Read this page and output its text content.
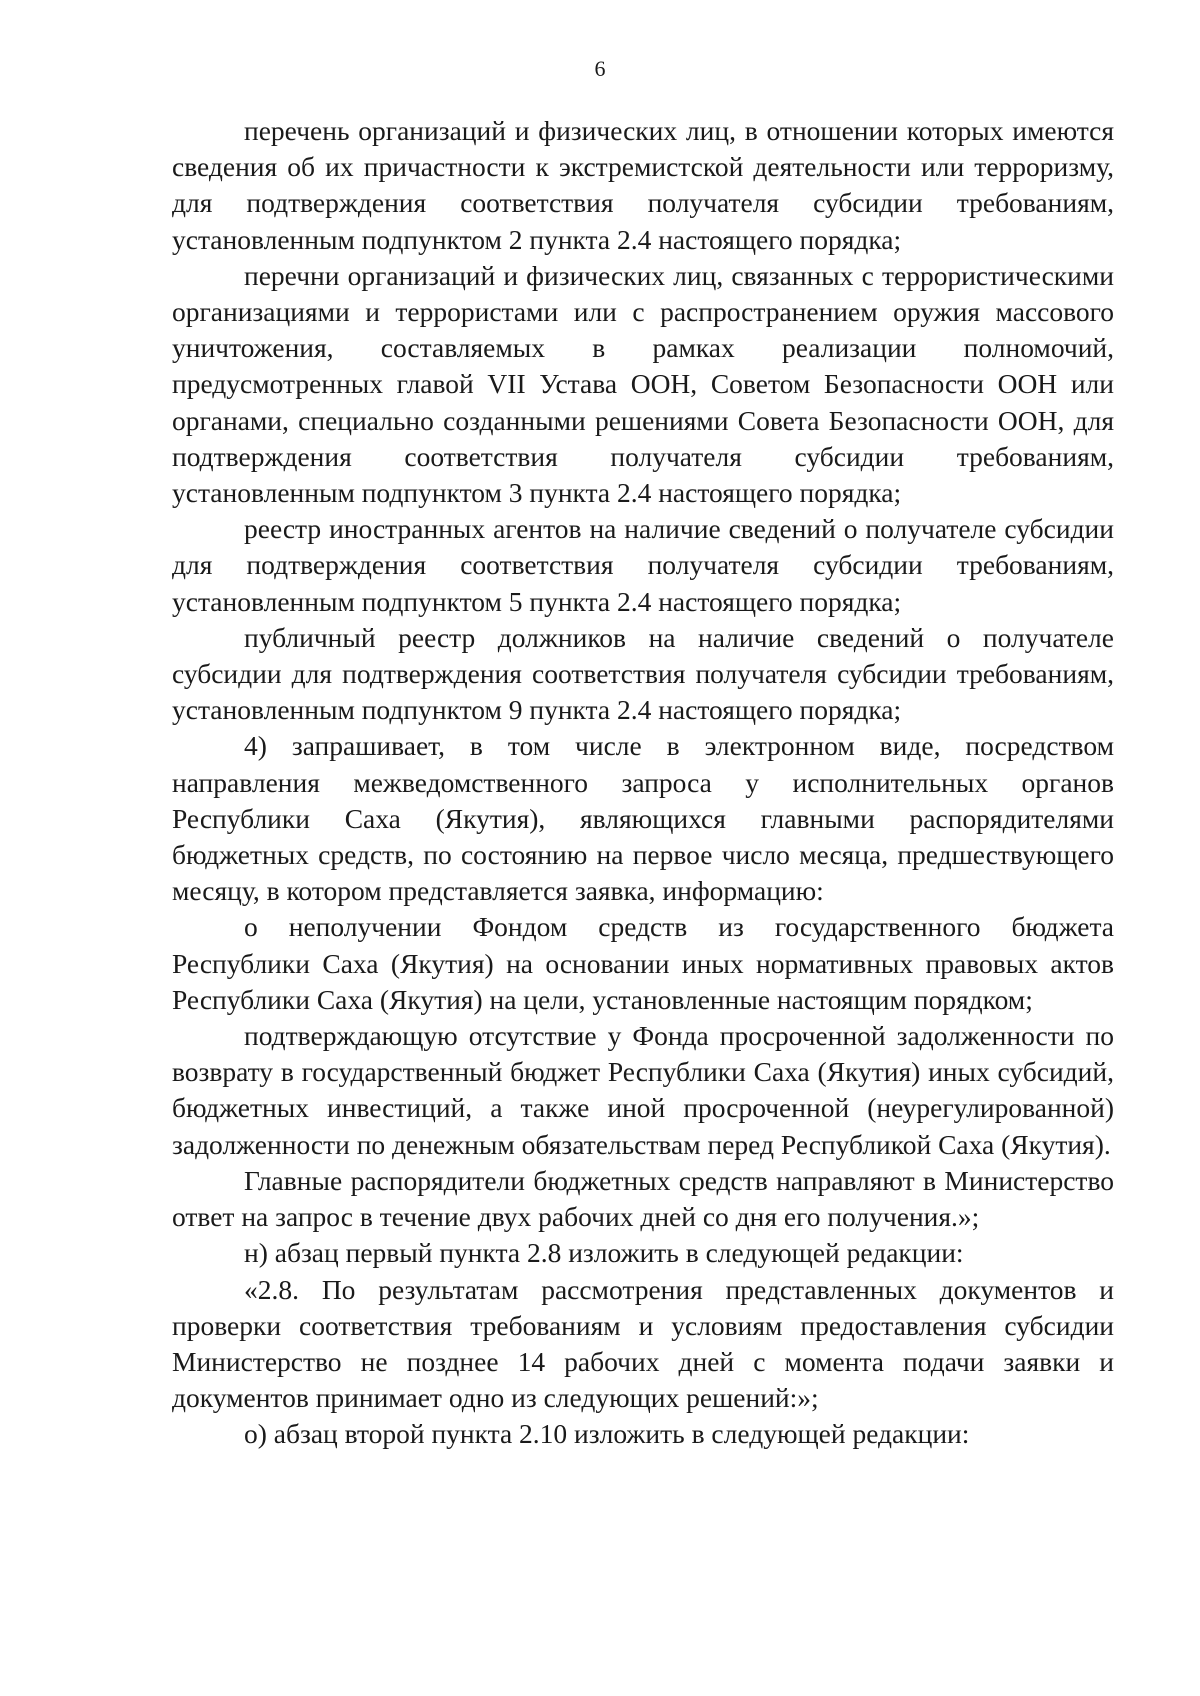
6

перечень организаций и физических лиц, в отношении которых имеются сведения об их причастности к экстремистской деятельности или терроризму, для подтверждения соответствия получателя субсидии требованиям, установленным подпунктом 2 пункта 2.4 настоящего порядка;

перечни организаций и физических лиц, связанных с террористическими организациями и террористами или с распространением оружия массового уничтожения, составляемых в рамках реализации полномочий, предусмотренных главой VII Устава ООН, Советом Безопасности ООН или органами, специально созданными решениями Совета Безопасности ООН, для подтверждения соответствия получателя субсидии требованиям, установленным подпунктом 3 пункта 2.4 настоящего порядка;

реестр иностранных агентов на наличие сведений о получателе субсидии для подтверждения соответствия получателя субсидии требованиям, установленным подпунктом 5 пункта 2.4 настоящего порядка;

публичный реестр должников на наличие сведений о получателе субсидии для подтверждения соответствия получателя субсидии требованиям, установленным подпунктом 9 пункта 2.4 настоящего порядка;

4) запрашивает, в том числе в электронном виде, посредством направления межведомственного запроса у исполнительных органов Республики Саха (Якутия), являющихся главными распорядителями бюджетных средств, по состоянию на первое число месяца, предшествующего месяцу, в котором представляется заявка, информацию:

о неполучении Фондом средств из государственного бюджета Республики Саха (Якутия) на основании иных нормативных правовых актов Республики Саха (Якутия) на цели, установленные настоящим порядком;

подтверждающую отсутствие у Фонда просроченной задолженности по возврату в государственный бюджет Республики Саха (Якутия) иных субсидий, бюджетных инвестиций, а также иной просроченной (неурегулированной) задолженности по денежным обязательствам перед Республикой Саха (Якутия).

Главные распорядители бюджетных средств направляют в Министерство ответ на запрос в течение двух рабочих дней со дня его получения.»;

н) абзац первый пункта 2.8 изложить в следующей редакции:

«2.8. По результатам рассмотрения представленных документов и проверки соответствия требованиям и условиям предоставления субсидии Министерство не позднее 14 рабочих дней с момента подачи заявки и документов принимает одно из следующих решений:»;

о) абзац второй пункта 2.10 изложить в следующей редакции:
